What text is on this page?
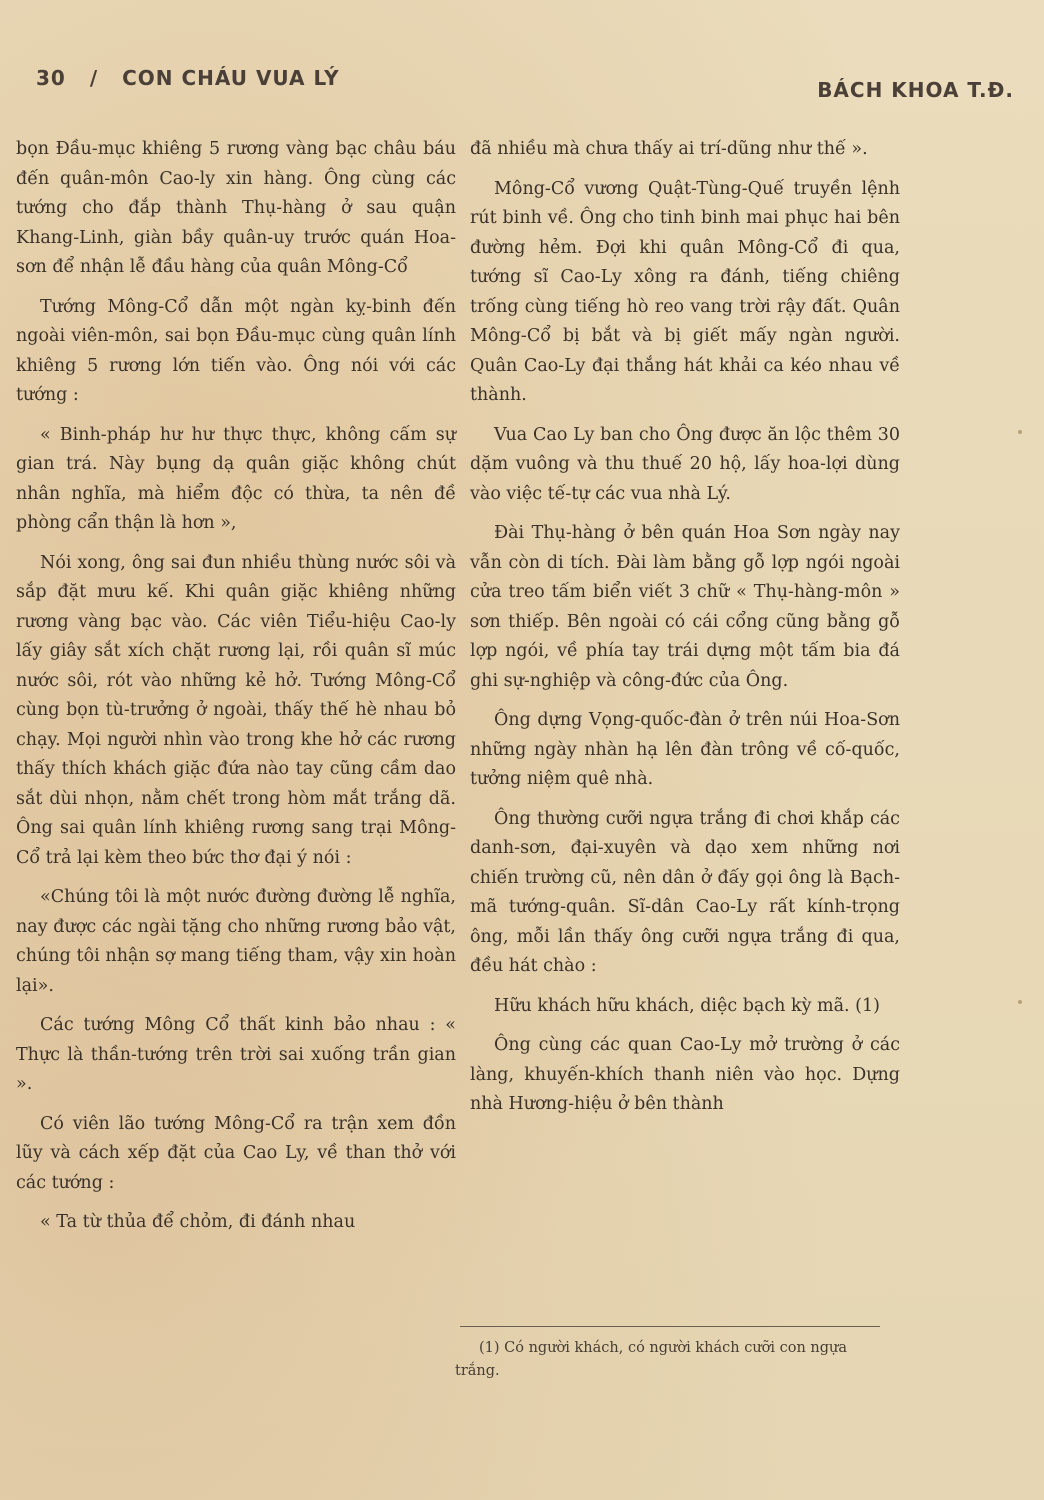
30 / CON CHÁU VUA LÝ	BÁCH KHOA T.Đ.

bọn Đầu-mục khiêng 5 rương vàng bạc châu báu đến quân-môn Cao-ly xin hàng. Ông cùng các tướng cho đắp thành Thụ-hàng ở sau quận Khang-Linh, giàn bầy quân-uy trước quán Hoa-sơn để nhận lễ đầu hàng của quân Mông-Cổ

Tướng Mông-Cổ dẫn một ngàn kỵ-binh đến ngoài viên-môn, sai bọn Đầu-mục cùng quân lính khiêng 5 rương lớn tiến vào. Ông nói với các tướng :

« Binh-pháp hư hư thực thực, không cấm sự gian trá. Này bụng dạ quân giặc không chút nhân nghĩa, mà hiểm độc có thừa, ta nên đề phòng cẩn thận là hơn »,

Nói xong, ông sai đun nhiều thùng nước sôi và sắp đặt mưu kế. Khi quân giặc khiêng những rương vàng bạc vào. Các viên Tiểu-hiệu Cao-ly lấy giây sắt xích chặt rương lại, rồi quân sĩ múc nước sôi, rót vào những kẻ hở. Tướng Mông-Cổ cùng bọn tù-trưởng ở ngoài, thấy thế hè nhau bỏ chạy. Mọi người nhìn vào trong khe hở các rương thấy thích khách giặc đứa nào tay cũng cầm dao sắt dùi nhọn, nằm chết trong hòm mắt trắng dã. Ông sai quân lính khiêng rương sang trại Mông-Cổ trả lại kèm theo bức thơ đại ý nói :

«Chúng tôi là một nước đường đường lễ nghĩa, nay được các ngài tặng cho những rương bảo vật, chúng tôi nhận sợ mang tiếng tham, vậy xin hoàn lại».

Các tướng Mông Cổ thất kinh bảo nhau : « Thực là thần-tướng trên trời sai xuống trần gian ».

Có viên lão tướng Mông-Cổ ra trận xem đồn lũy và cách xếp đặt của Cao Ly, về than thở với các tướng :

« Ta từ thủa để chỏm, đi đánh nhau

đã nhiều mà chưa thấy ai trí-dũng như thế ».

Mông-Cổ vương Quật-Tùng-Quế truyền lệnh rút binh về. Ông cho tinh binh mai phục hai bên đường hẻm. Đợi khi quân Mông-Cổ đi qua, tướng sĩ Cao-Ly xông ra đánh, tiếng chiêng trống cùng tiếng hò reo vang trời rậy đất. Quân Mông-Cổ bị bắt và bị giết mấy ngàn người. Quân Cao-Ly đại thắng hát khải ca kéo nhau về thành.

Vua Cao Ly ban cho Ông được ăn lộc thêm 30 dặm vuông và thu thuế 20 hộ, lấy hoa-lợi dùng vào việc tế-tự các vua nhà Lý.

Đài Thụ-hàng ở bên quán Hoa Sơn ngày nay vẫn còn di tích. Đài làm bằng gỗ lợp ngói ngoài cửa treo tấm biển viết 3 chữ « Thụ-hàng-môn » sơn thiếp. Bên ngoài có cái cổng cũng bằng gỗ lợp ngói, về phía tay trái dựng một tấm bia đá ghi sự-nghiệp và công-đức của Ông.

Ông dựng Vọng-quốc-đàn ở trên núi Hoa-Sơn những ngày nhàn hạ lên đàn trông về cố-quốc, tưởng niệm quê nhà.

Ông thường cưỡi ngựa trắng đi chơi khắp các danh-sơn, đại-xuyên và dạo xem những nơi chiến trường cũ, nên dân ở đấy gọi ông là Bạch-mã tướng-quân. Sĩ-dân Cao-Ly rất kính-trọng ông, mỗi lần thấy ông cưỡi ngựa trắng đi qua, đều hát chào :

Hữu khách hữu khách, diệc bạch kỳ mã. (1)

Ông cùng các quan Cao-Ly mở trường ở các làng, khuyến-khích thanh niên vào học. Dựng nhà Hương-hiệu ở bên thành

(1) Có người khách, có người khách cưỡi con ngựa trắng.
